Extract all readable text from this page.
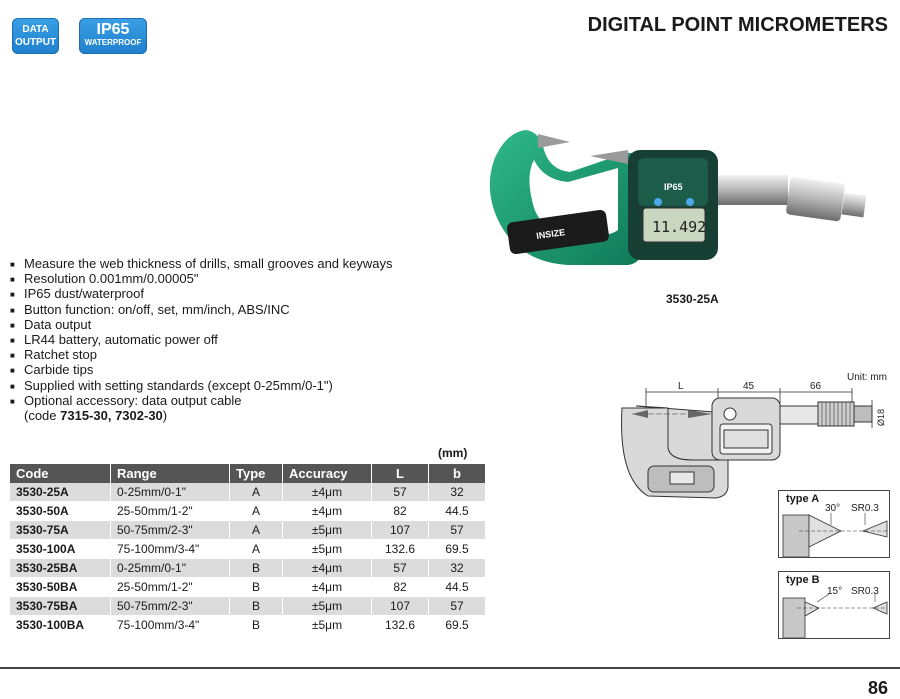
DATA
OUTPUT
IP65
WATERPROOF
DIGITAL POINT MICROMETERS
INSIZE
IP65
11.492
3530-25A
■ Measure the web thickness of drills, small grooves and keyways
■ Resolution 0.001mm/0.00005"
■ IP65 dust/waterproof
■ Button function: on/off, set, mm/inch, ABS/INC
■ Data output
■ LR44 battery, automatic power off
■ Ratchet stop
■ Carbide tips
■ Supplied with setting standards (except 0-25mm/0-1")
■ Optional accessory: data output cable
(code 7315-30, 7302-30)
(mm)
Code	Range	Type	Accuracy	L	b
3530-25A	0-25mm/0-1"	A	±4μm	57	32
3530-50A	25-50mm/1-2"	A	±4μm	82	44.5
3530-75A	50-75mm/2-3"	A	±5μm	107	57
3530-100A	75-100mm/3-4"	A	±5μm	132.6	69.5
3530-25BA	0-25mm/0-1"	B	±4μm	57	32
3530-50BA	25-50mm/1-2"	B	±4μm	82	44.5
3530-75BA	50-75mm/2-3"	B	±5μm	107	57
3530-100BA	75-100mm/3-4"	B	±5μm	132.6	69.5
Unit: mm
L	45	66
Ø18
type A
30° SR0.3
type B
15° SR0.3
86
